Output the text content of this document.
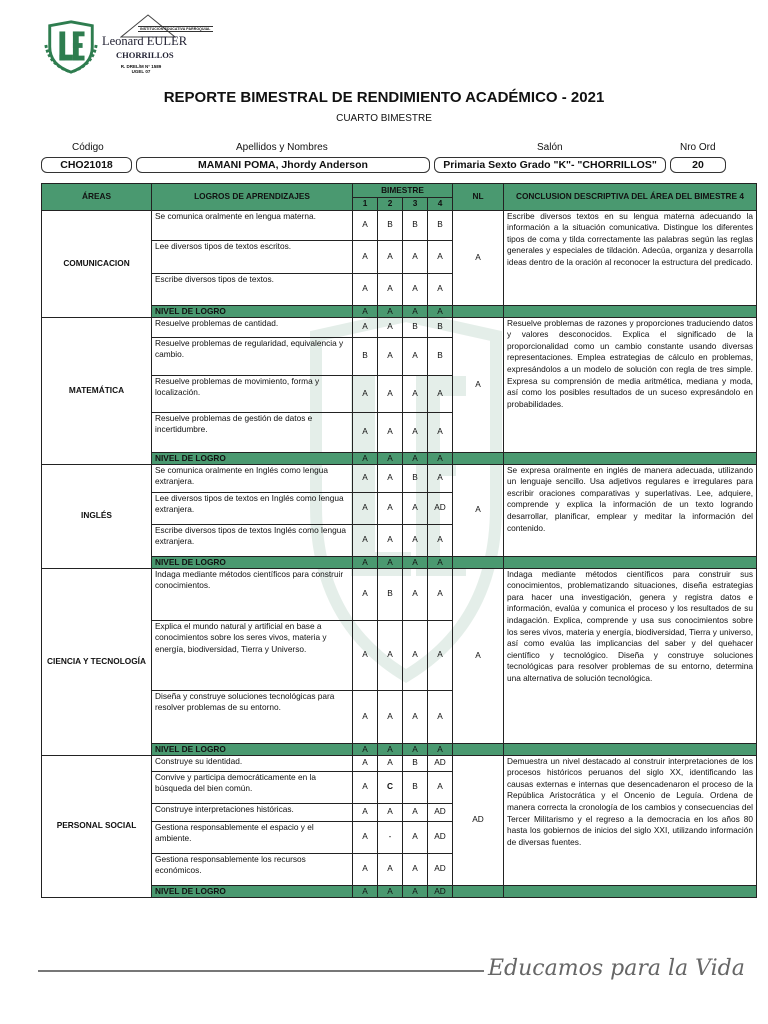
INSTITUCION EDUCATIVA PARROQUIAL
Leonard EULER
CHORRILLOS
R. DREL/M N° 1589
UGEL 07
REPORTE BIMESTRAL DE RENDIMIENTO ACADÉMICO - 2021
CUARTO BIMESTRE
Código	Apellidos y Nombres	Salón	Nro Ord
CHO21018	MAMANI POMA, Jhordy Anderson	Primaria Sexto Grado "K"- "CHORRILLOS"	20
ÁREAS	LOGROS DE APRENDIZAJES	BIMESTRE				NL	CONCLUSION DESCRIPTIVA DEL ÁREA DEL BIMESTRE 4
		1	2	3	4		
COMUNICACION	Se comunica oralmente en lengua materna.	A	B	B	B	A	Escribe diversos textos en su lengua materna adecuando la información a la situación comunicativa. Distingue los diferentes tipos de coma y tilda correctamente las palabras según las reglas generales y especiales de tildación. Adecúa, organiza y desarrolla ideas dentro de la oración al reconocer la estructura del predicado.
	Lee diversos tipos de textos escritos.	A	A	A	A		
	Escribe diversos tipos de textos.	A	A	A	A		
	NIVEL DE LOGRO	A	A	A	A		
MATEMÁTICA	Resuelve problemas de cantidad.	A	A	B	B	A	Resuelve problemas de razones y proporciones traduciendo datos y valores desconocidos. Explica el significado de la proporcionalidad como un cambio constante usando diversas representaciones. Emplea estrategias de cálculo en problemas, expresándolos a un modelo de solución con regla de tres simple. Expresa su comprensión de media aritmética, mediana y moda, así como los posibles resultados de un suceso expresándolo en probabilidades.
	Resuelve problemas de regularidad, equivalencia y cambio.	B	A	A	B		
	Resuelve problemas de movimiento, forma y localización.	A	A	A	A		
	Resuelve problemas de gestión de datos e incertidumbre.	A	A	A	A		
	NIVEL DE LOGRO	A	A	A	A		
INGLÉS	Se comunica oralmente en Inglés como lengua extranjera.	A	A	B	A	A	Se expresa oralmente en inglés de manera adecuada, utilizando un lenguaje sencillo. Usa adjetivos regulares e irregulares para escribir oraciones comparativas y superlativas. Lee, adquiere, comprende y explica la información de un texto logrando desarrollar, planificar, emplear y meditar la información del contenido.
	Lee diversos tipos de textos en Inglés como lengua extranjera.	A	A	A	AD		
	Escribe diversos tipos de textos Inglés como lengua extranjera.	A	A	A	A		
	NIVEL DE LOGRO	A	A	A	A		
CIENCIA Y TECNOLOGÍA	Indaga mediante métodos científicos para construir conocimientos.	A	B	A	A	A	Indaga mediante métodos científicos para construir sus conocimientos, problematizando situaciones, diseña estrategias para hacer una investigación, genera y registra datos e información, evalúa y comunica el proceso y los resultados de su indagación. Explica, comprende y usa sus conocimientos sobre los seres vivos, materia y energía, biodiversidad, Tierra y universo, así como evalúa las implicancias del saber y del quehacer científico y tecnológico. Diseña y construye soluciones tecnológicas para resolver problemas de su entorno, determina una alternativa de solución tecnológica.
	Explica el mundo natural y artificial en base a conocimientos sobre los seres vivos, materia y energía, biodiversidad, Tierra y Universo.	A	A	A	A		
	Diseña y construye soluciones tecnológicas para resolver problemas de su entorno.	A	A	A	A		
	NIVEL DE LOGRO	A	A	A	A		
PERSONAL SOCIAL	Construye su identidad.	A	A	B	AD	AD	Demuestra un nivel destacado al construir interpretaciones de los procesos históricos peruanos del siglo XX, identificando las causas externas e internas que desencadenaron el proceso de la República Aristocrática y el Oncenio de Leguía. Ordena de manera correcta la cronología de los cambios y consecuencias del Tercer Militarismo y el regreso a la democracia en los años 80 hasta los gobiernos de inicios del siglo XXI, utilizando información de diversas fuentes.
	Convive y participa democráticamente en la búsqueda del bien común.	A	C	B	A		
	Construye interpretaciones históricas.	A	A	A	AD		
	Gestiona responsablemente el espacio y el ambiente.	A	-	A	AD		
	Gestiona responsablemente los recursos económicos.	A	A	A	AD		
	NIVEL DE LOGRO	A	A	A	AD		
Educamos para la Vida
